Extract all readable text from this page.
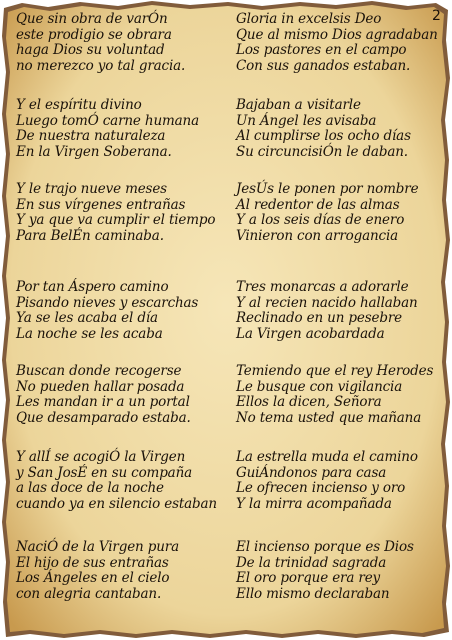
2
Que sin obra de varÓn
este prodigio se obrara
haga Dios su voluntad
no merezco yo tal gracia.
Y el espíritu divino
Luego tomÓ carne humana
De nuestra naturaleza
En la Virgen Soberana.
Y le trajo nueve meses
En sus vírgenes entrañas
Y ya que va cumplir el tiempo
Para BelÉn caminaba.
Por tan Áspero camino
Pisando nieves y escarchas
Ya se les acaba el día
La noche se les acaba
Buscan donde recogerse
No pueden hallar posada
Les mandan ir a un portal
Que desamparado estaba.
Y allÍ se acogiÓ la Virgen
y San JosÉ en su compaña
a las doce de la noche
cuando ya en silencio estaban
NaciÓ de la Virgen pura
El hijo de sus entrañas
Los Ángeles en el cielo
con alegria cantaban.
Gloria in excelsis Deo
Que al mismo Dios agradaban
Los pastores en el campo
Con sus ganados estaban.
Bajaban a visitarle
Un Ángel les avisaba
Al cumplirse los ocho días
Su circuncisiÓn le daban.
JesÚs le ponen por nombre
Al redentor de las almas
Y a los seis días de enero
Vinieron con arrogancia
Tres monarcas a adorarle
Y al recien nacido hallaban
Reclinado en un pesebre
La Virgen acobardada
Temiendo que el rey Herodes
Le busque con vigilancia
Ellos la dicen, Señora
No tema usted que mañana
La estrella muda el camino
GuiÁndonos para casa
Le ofrecen incienso y oro
Y la mirra acompañada
El incienso porque es Dios
De la trinidad sagrada
El oro porque era rey
Ello mismo declaraban
